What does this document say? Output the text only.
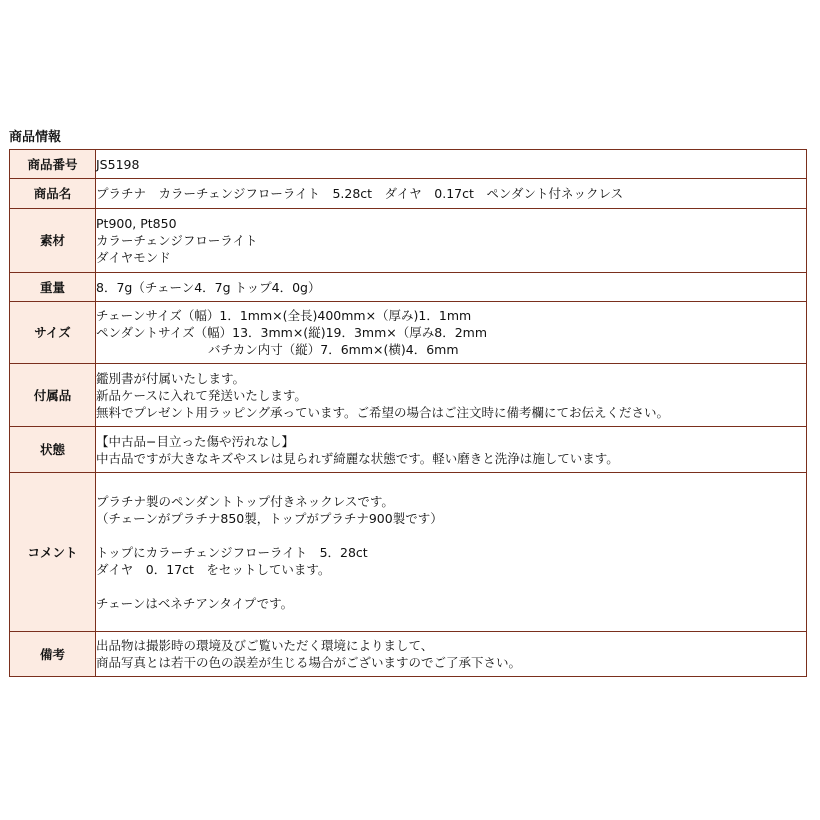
商品情報
商品番号	JS5198
商品名	プラチナ　カラーチェンジフローライト　5.28ct　ダイヤ　0.17ct　ペンダント付ネックレス
素材	Pt900, Pt850
カラーチェンジフローライト
ダイヤモンド

重量	8．7g（チェーン4．7g トップ4．0g）
サイズ	チェーンサイズ（幅）1．1mm×(全長)400mm×（厚み)1．1mm
ペンダントサイズ（幅）13．3mm×(縦)19．3mm×（厚み8．2mm
バチカン内寸（縦）7．6mm×(横)4．6mm

付属品	鑑別書が付属いたします。
新品ケースに入れて発送いたします。
無料でプレゼント用ラッピング承っています。ご希望の場合はご注文時に備考欄にてお伝えください。

状態	【中古品−目立った傷や汚れなし】
中古品ですが大きなキズやスレは見られず綺麗な状態です。軽い磨きと洗浄は施しています。

コメント	プラチナ製のペンダントトップ付きネックレスです。
（チェーンがプラチナ850製，トップがプラチナ900製です）
トップにカラーチェンジフローライト　5．28ct
ダイヤ　0．17ct　をセットしています。
チェーンはベネチアンタイプです。

備考	出品物は撮影時の環境及びご覧いただく環境によりまして、
商品写真とは若干の色の誤差が生じる場合がございますのでご了承下さい。
